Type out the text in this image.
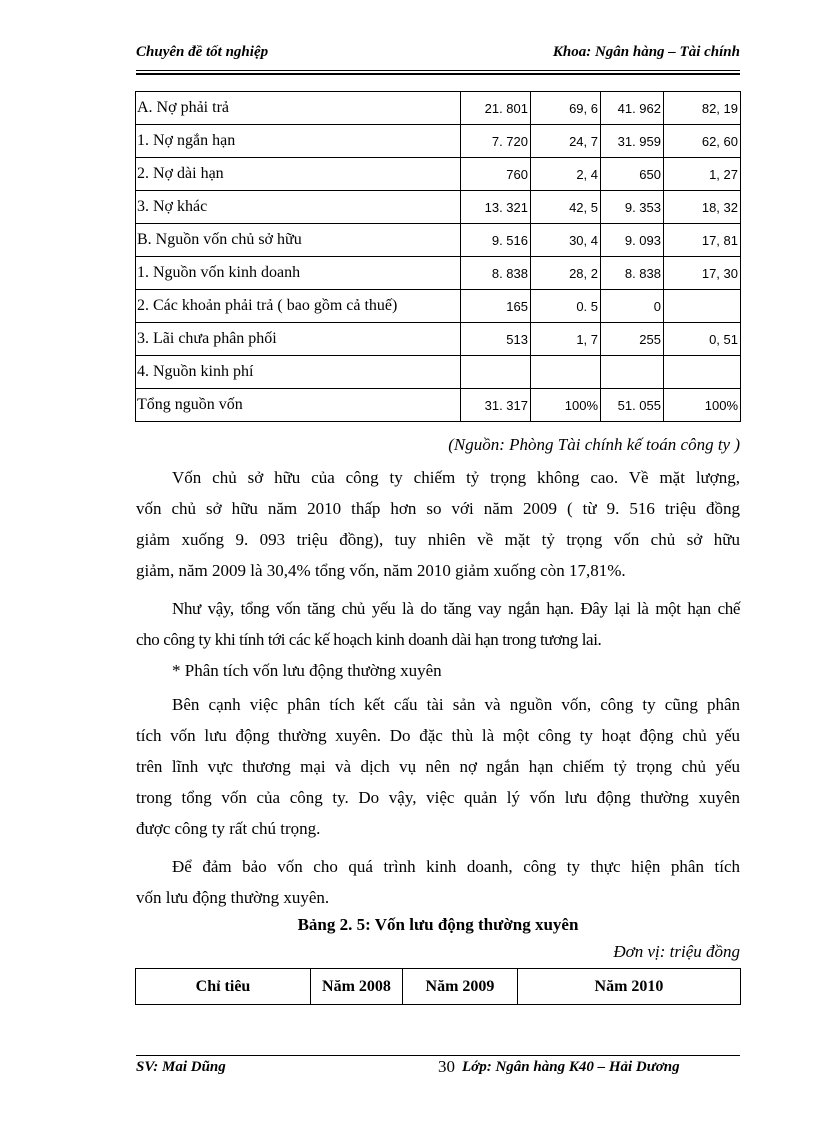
Chuyên đề tốt nghiệp	Khoa: Ngân hàng – Tài chính
A. Nợ phải trả	21. 801	69, 6	41. 962	82, 19
1. Nợ ngắn hạn	7. 720	24, 7	31. 959	62, 60
2. Nợ dài hạn	760	2, 4	650	1, 27
3. Nợ khác	13. 321	42, 5	9. 353	18, 32
B. Nguồn vốn chủ sở hữu	9. 516	30, 4	9. 093	17, 81
1. Nguồn vốn kinh doanh	8. 838	28, 2	8. 838	17, 30
2. Các khoản phải trả ( bao gồm cả thuế)	165	0. 5	0	
3. Lãi chưa phân phối	513	1, 7	255	0, 51
4. Nguồn kinh phí				
Tổng nguồn vốn	31. 317	100%	51. 055	100%
(Nguồn: Phòng Tài chính kế toán công ty )
Vốn chủ sở hữu của công ty chiếm tỷ trọng không cao. Về mặt lượng,
vốn chủ sở hữu năm 2010 thấp hơn so với năm 2009 ( từ 9. 516 triệu đồng
giảm xuống 9. 093 triệu đồng), tuy nhiên về mặt tỷ trọng vốn chủ sở hữu
giảm, năm 2009 là 30,4% tổng vốn, năm 2010 giảm xuống còn 17,81%.
Như vậy, tổng vốn tăng chủ yếu là do tăng vay ngắn hạn. Đây lại là một hạn chế
cho công ty khi tính tới các kế hoạch kinh doanh dài hạn trong tương lai.
* Phân tích vốn lưu động thường xuyên
Bên cạnh việc phân tích kết cấu tài sản và nguồn vốn, công ty cũng phân
tích vốn lưu động thường xuyên. Do đặc thù là một công ty hoạt động chủ yếu
trên lĩnh vực thương mại và dịch vụ nên nợ ngắn hạn chiếm tỷ trọng chủ yếu
trong tổng vốn của công ty. Do vậy, việc quản lý vốn lưu động thường xuyên
được công ty rất chú trọng.
Để đảm bảo vốn cho quá trình kinh doanh, công ty thực hiện phân tích
vốn lưu động thường xuyên.
Bảng 2. 5: Vốn lưu động thường xuyên
Đơn vị: triệu đồng
Chỉ tiêu	Năm 2008	Năm 2009	Năm 2010
SV: Mai Dũng	30 Lớp: Ngân hàng K40 – Hải Dương
